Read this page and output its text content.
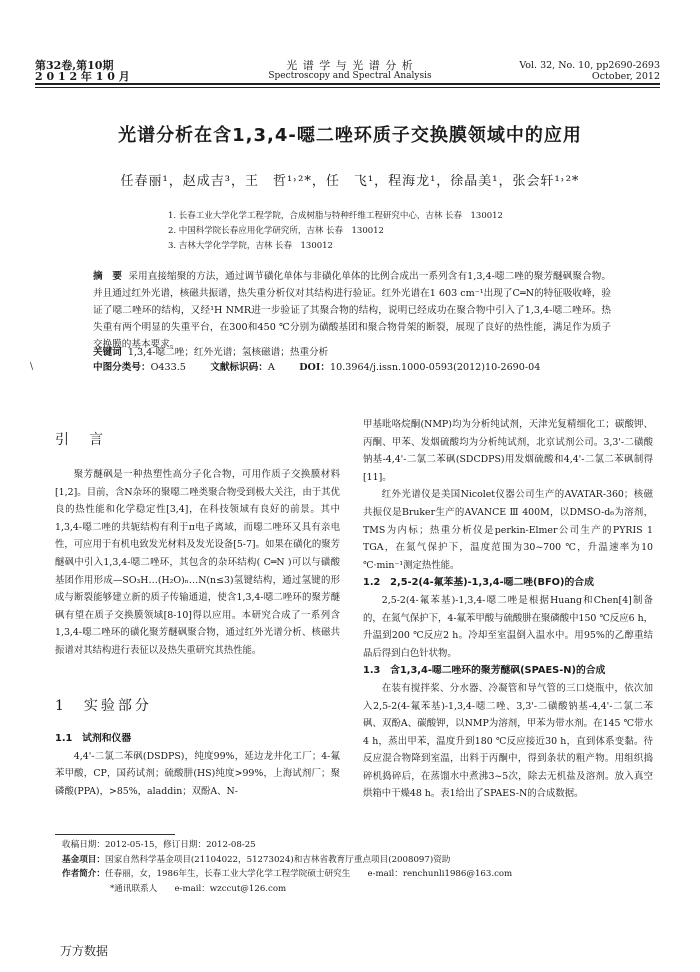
第32卷,第10期
2 0 1 2 年 1 0 月
光 谱 学 与 光 谱 分 析
Spectroscopy and Spectral Analysis
Vol. 32, No. 10, pp2690-2693
October, 2012
光谱分析在含1,3,4-噁二唑环质子交换膜领域中的应用
任春丽¹，赵成吉³，王　哲¹˒²*，任　飞¹，程海龙¹，徐晶美¹，张会轩¹˒²*
1. 长春工业大学化学工程学院，合成树脂与特种纤维工程研究中心，吉林 长春　130012
2. 中国科学院长春应用化学研究所，吉林 长春　130012
3. 吉林大学化学学院，吉林 长春　130012
摘　要 采用直接缩聚的方法，通过调节磺化单体与非磺化单体的比例合成出一系列含有1,3,4-噁二唑的聚芳醚砜聚合物。并且通过红外光谱，核磁共振谱，热失重分析仪对其结构进行验证。红外光谱在1 603 cm⁻¹出现了C═N的特征吸收峰，验证了噁二唑环的结构，又经¹H NMR进一步验证了其聚合物的结构，说明已经成功在聚合物中引入了1,3,4-噁二唑环。热失重有两个明显的失重平台，在300和450 ℃分别为磺酸基团和聚合物骨架的断裂，展现了良好的热性能，满足作为质子交换膜的基本要求。
关键词 1,3,4-噁二唑；红外光谱；氢核磁谱；热重分析
中图分类号：O433.5	文献标识码：A	DOI：10.3964/j.issn.1000-0593(2012)10-2690-04
\
引　言

聚芳醚砜是一种热塑性高分子化合物，可用作质子交换膜材料[1,2]。目前，含N杂环的聚噁二唑类聚合物受到极大关注，由于其优良的热性能和化学稳定性[3,4]，在科技领域有良好的前景。其中1,3,4-噁二唑的共轭结构有利于π电子离域，而噁二唑环又具有亲电性，可应用于有机电致发光材料及发光设备[5-7]。如果在磺化的聚芳醚砜中引入1,3,4-噁二唑环，其包含的杂环结构( C═N )可以与磺酸基团作用形成—SO₃H…(H₂O)ₙ…N(n≤3)氢键结构，通过氢键的形成与断裂能够建立新的质子传输通道，使含1,3,4-噁二唑环的聚芳醚砜有望在质子交换膜领域[8-10]得以应用。本研究合成了一系列含1,3,4-噁二唑环的磺化聚芳醚砜聚合物，通过红外光谱分析、核磁共振谱对其结构进行表征以及热失重研究其热性能。

1　实验部分
1.1　试剂和仪器

4,4'-二氯二苯砜(DSDPS)，纯度99%，延边龙井化工厂；4-氟苯甲酸，CP，国药试剂；硫酸肼(HS)纯度>99%，上海试剂厂；聚磷酸(PPA)，>85%，aladdin；双酚A、N-

甲基吡咯烷酮(NMP)均为分析纯试剂，天津光复精细化工；碳酸钾、丙酮、甲苯、发烟硫酸均为分析纯试剂，北京试剂公司。3,3'-二磺酸钠基-4,4'-二氯二苯砜(SDCDPS)用发烟硫酸和4,4'-二氯二苯砜制得[11]。

红外光谱仪是美国Nicolet仪器公司生产的AVATAR-360；核磁共振仪是Bruker生产的AVANCE Ⅲ 400M，以DMSO-d₆为溶剂，TMS为内标；热重分析仪是perkin-Elmer公司生产的PYRIS 1 TGA，在氮气保护下，温度范围为30~700 ℃，升温速率为10 ℃·min⁻¹测定热性能。

1.2　2,5-2(4-氟苯基)-1,3,4-噁二唑(BFO)的合成

2,5-2(4-氟苯基)-1,3,4-噁二唑是根据Huang和Chen[4]制备的，在氮气保护下，4-氟苯甲酸与硫酸肼在聚磷酸中150 ℃反应6 h，升温到200 ℃反应2 h。冷却至室温倒入温水中。用95%的乙醇重结晶后得到白色针状物。

1.3　含1,3,4-噁二唑环的聚芳醚砜(SPAES-N)的合成

在装有搅拌桨、分水器、冷凝管和导气管的三口烧瓶中，依次加入2,5-2(4-氟苯基)-1,3,4-噁二唑、3,3'-二磺酸钠基-4,4'-二氯二苯砜、双酚A、碳酸钾，以NMP为溶剂，甲苯为带水剂。在145 ℃带水4 h，蒸出甲苯，温度升到180 ℃反应接近30 h，直到体系变黏。待反应混合物降到室温，出料于丙酮中，得到条状的粗产物。用组织捣碎机捣碎后，在蒸馏水中煮沸3~5次，除去无机盐及溶剂。放入真空烘箱中干燥48 h。表1给出了SPAES-N的合成数据。

收稿日期：2012-05-15，修订日期：2012-08-25
基金项目：国家自然科学基金项目(21104022，51273024)和吉林省教育厅重点项目(2008097)资助
作者简介：任春丽，女，1986年生，长春工业大学化学工程学院硕士研究生　　e-mail：renchunli1986@163.com
*通讯联系人　　e-mail：wzccut@126.com
万方数据
